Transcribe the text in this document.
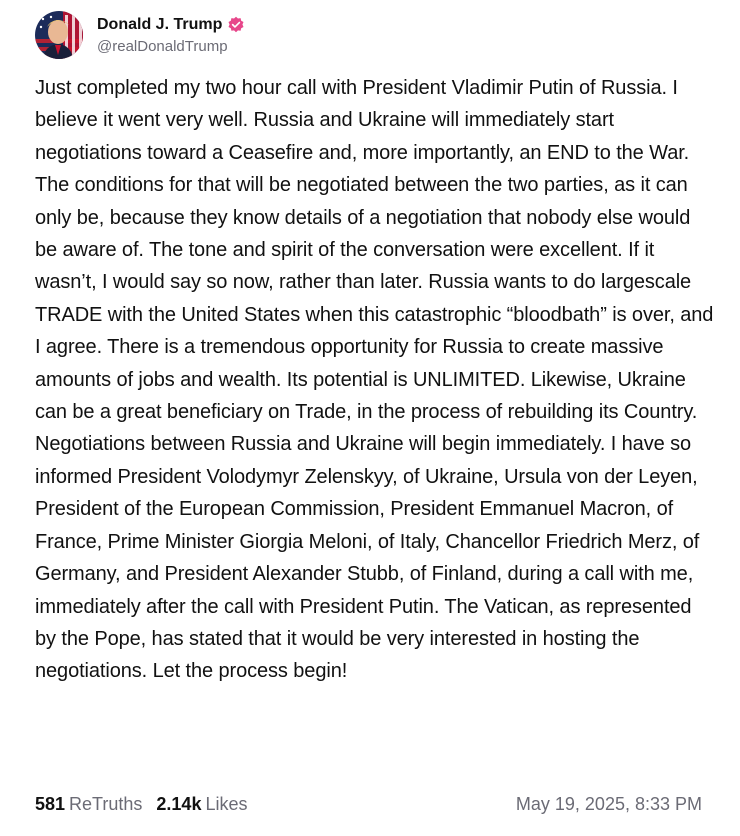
Donald J. Trump
@realDonaldTrump
Just completed my two hour call with President Vladimir Putin of Russia. I believe it went very well. Russia and Ukraine will immediately start negotiations toward a Ceasefire and, more importantly, an END to the War. The conditions for that will be negotiated between the two parties, as it can only be, because they know details of a negotiation that nobody else would be aware of. The tone and spirit of the conversation were excellent. If it wasn’t, I would say so now, rather than later. Russia wants to do largescale TRADE with the United States when this catastrophic “bloodbath” is over, and I agree. There is a tremendous opportunity for Russia to create massive amounts of jobs and wealth. Its potential is UNLIMITED. Likewise, Ukraine can be a great beneficiary on Trade, in the process of rebuilding its Country. Negotiations between Russia and Ukraine will begin immediately. I have so informed President Volodymyr Zelenskyy, of Ukraine, Ursula von der Leyen, President of the European Commission, President Emmanuel Macron, of France, Prime Minister Giorgia Meloni, of Italy, Chancellor Friedrich Merz, of Germany, and President Alexander Stubb, of Finland, during a call with me, immediately after the call with President Putin. The Vatican, as represented by the Pope, has stated that it would be very interested in hosting the negotiations. Let the process begin!
581 ReTruths 2.14k Likes	May 19, 2025, 8:33 PM
